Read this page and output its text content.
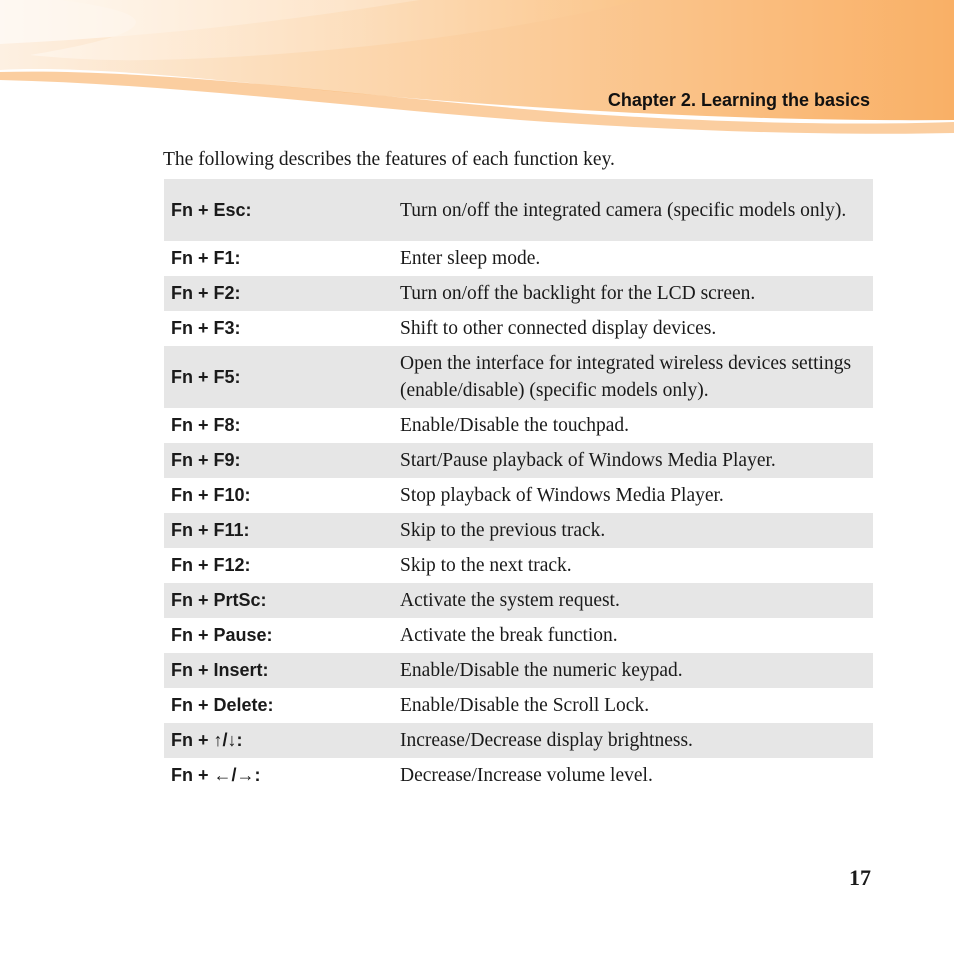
Chapter 2. Learning the basics
The following describes the features of each function key.
Fn + Esc:	Turn on/off the integrated camera (specific models only).
Fn + F1:	Enter sleep mode.
Fn + F2:	Turn on/off the backlight for the LCD screen.
Fn + F3:	Shift to other connected display devices.
Fn + F5:	Open the interface for integrated wireless devices settings (enable/disable) (specific models only).
Fn + F8:	Enable/Disable the touchpad.
Fn + F9:	Start/Pause playback of Windows Media Player.
Fn + F10:	Stop playback of Windows Media Player.
Fn + F11:	Skip to the previous track.
Fn + F12:	Skip to the next track.
Fn + PrtSc:	Activate the system request.
Fn + Pause:	Activate the break function.
Fn + Insert:	Enable/Disable the numeric keypad.
Fn + Delete:	Enable/Disable the Scroll Lock.
Fn + ↑/↓:	Increase/Decrease display brightness.
Fn + ←/→:	Decrease/Increase volume level.
17
